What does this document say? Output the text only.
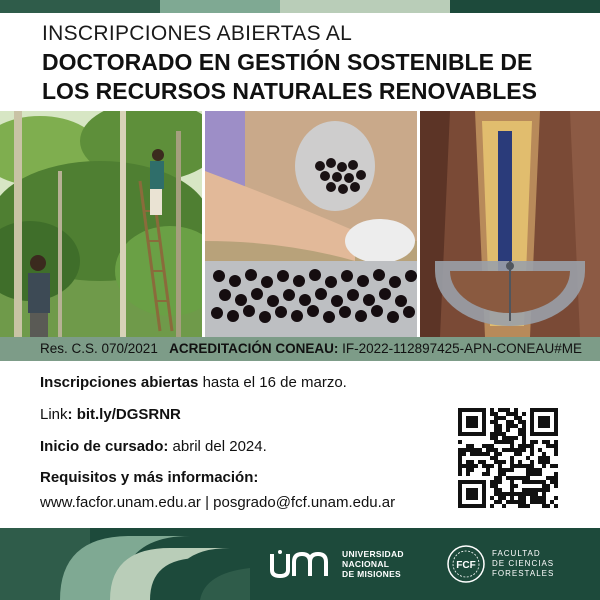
INSCRIPCIONES ABIERTAS AL
DOCTORADO EN GESTIÓN SOSTENIBLE DE
LOS RECURSOS NATURALES RENOVABLES
Res. C.S. 070/2021 ACREDITACIÓN CONEAU: IF-2022-112897425-APN-CONEAU#ME
Inscripciones abiertas hasta el 16 de marzo.
Link: bit.ly/DGSRNR
Inicio de cursado: abril del 2024.
Requisitos y más información:
www.facfor.unam.edu.ar | posgrado@fcf.unam.edu.ar
UNIVERSIDAD
NACIONAL
DE MISIONES
FCF
FACULTAD
DE CIENCIAS
FORESTALES
